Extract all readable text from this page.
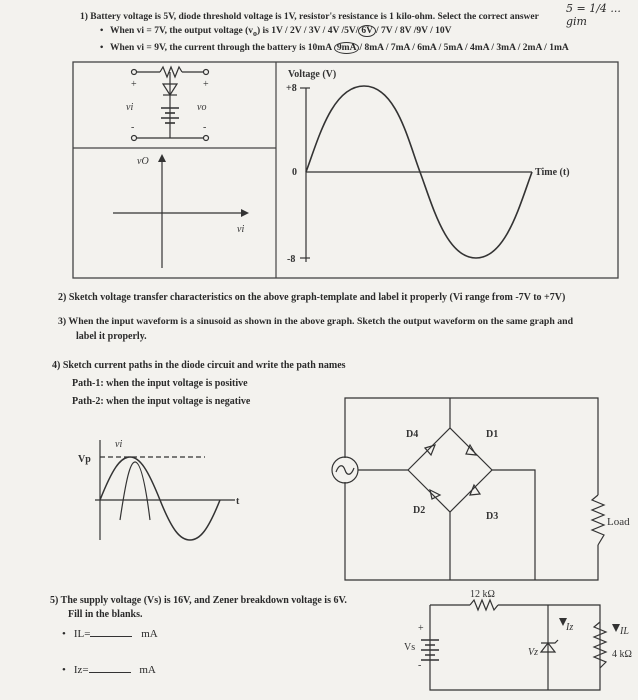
1) Battery voltage is 5V, diode threshold voltage is 1V, resistor's resistance is 1 kilo-ohm. Select the correct answer
5 = 1/4 ... gim
• When vi = 7V, the output voltage $(v_o)$ is 1V / 2V / 3V / 4V /5V/ 6V / 7V / 8V /9V / 10V
• When vi = 9V, the current through the battery is 10mA 9mA / 8mA / 7mA / 6mA / 5mA / 4mA / 3mA / 2mA / 1mA
+	+
-	-
vi	vo
vO
vi
Voltage (V)
+8
0
-8
Time (t)
vi
Vp
t
D4	D1
D2
D3	Load
12 kΩ
Vs
+
-
Vz
Iz	IL
4 kΩ
2) Sketch voltage transfer characteristics on the above graph-template and label it properly (Vi range from -7V to +7V)
3) When the input waveform is a sinusoid as shown in the above graph. Sketch the output waveform on the same graph and
label it properly.
4) Sketch current paths in the diode circuit and write the path names
Path-1: when the input voltage is positive
Path-2: when the input voltage is negative
5) The supply voltage (Vs) is 16V, and Zener breakdown voltage is 6V.
Fill in the blanks.
• IL=	mA
• Iz=	mA
